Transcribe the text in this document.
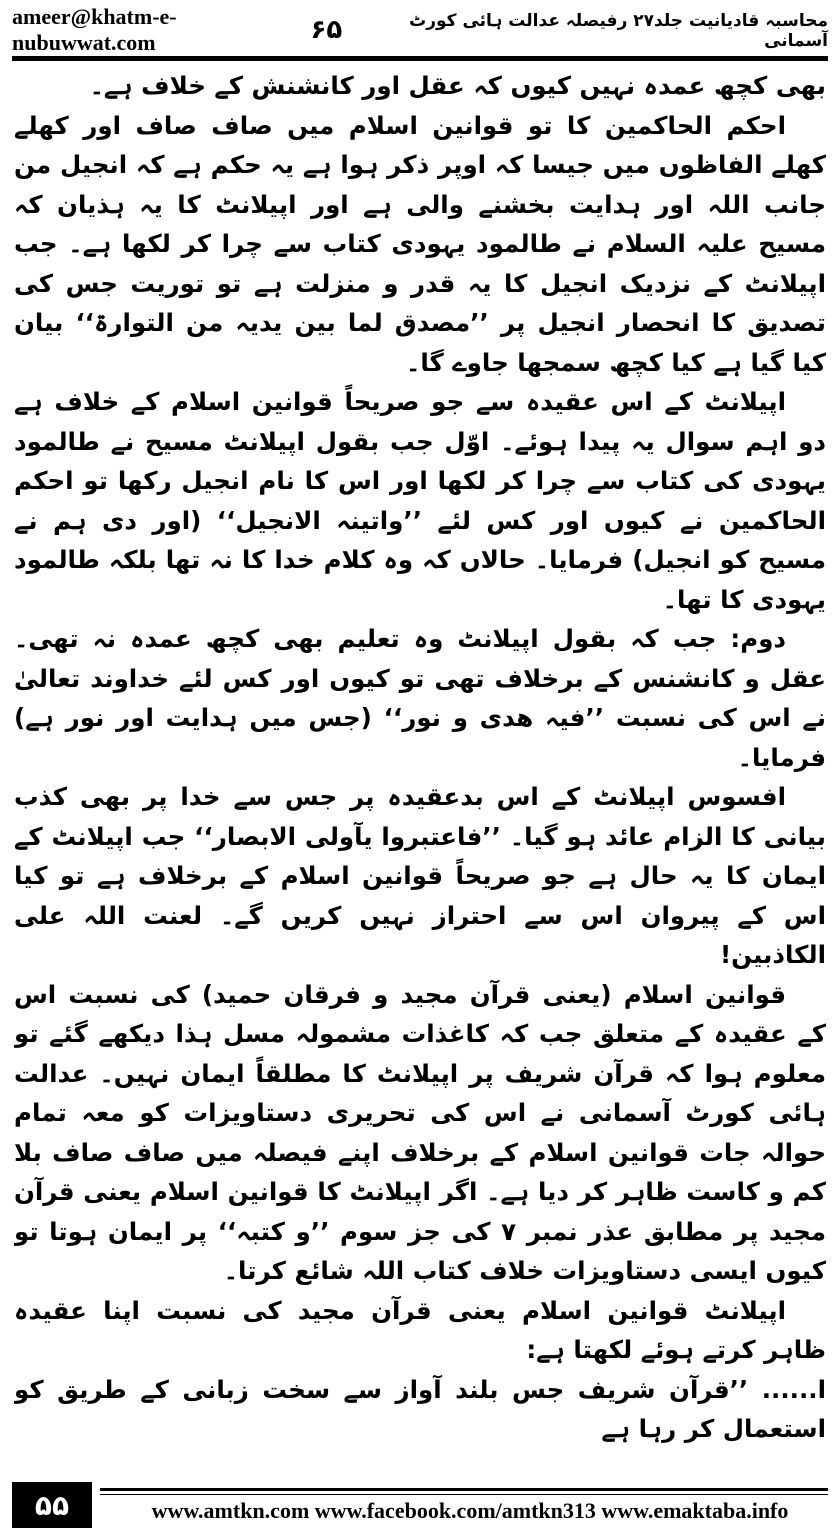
ameer@khatm-e-nubuwwat.com
محاسبہ قادیانیت جلد۲۷ رفیصلہ عدالت ہائی کورٹ آسمانی
۶۵

بھی کچھ عمدہ نہیں کیوں کہ عقل اور کانشنش کے خلاف ہے۔

احکم الحاکمین کا تو قوانین اسلام میں صاف صاف اور کھلے کھلے الفاظوں میں جیسا کہ اوپر ذکر ہوا ہے یہ حکم ہے کہ انجیل من جانب اللہ اور ہدایت بخشنے والی ہے اور اپیلانٹ کا یہ ہذیان کہ مسیح علیہ السلام نے طالمود یہودی کتاب سے چرا کر لکھا ہے۔ جب اپیلانٹ کے نزدیک انجیل کا یہ قدر و منزلت ہے تو توریت جس کی تصدیق کا انحصار انجیل پر ’’مصدق لما بین یدیہ من التوارۃ‘‘ بیان کیا گیا ہے کیا کچھ سمجھا جاوے گا۔

اپیلانٹ کے اس عقیدہ سے جو صریحاً قوانین اسلام کے خلاف ہے دو اہم سوال یہ پیدا ہوئے۔ اوّل جب بقول اپیلانٹ مسیح نے طالمود یہودی کی کتاب سے چرا کر لکھا اور اس کا نام انجیل رکھا تو احکم الحاکمین نے کیوں اور کس لئے ’’واتینہ الانجیل‘‘ (اور دی ہم نے مسیح کو انجیل) فرمایا۔ حالاں کہ وہ کلام خدا کا نہ تھا بلکہ طالمود یہودی کا تھا۔

دوم: جب کہ بقول اپیلانٹ وہ تعلیم بھی کچھ عمدہ نہ تھی۔ عقل و کانشنس کے برخلاف تھی تو کیوں اور کس لئے خداوند تعالیٰ نے اس کی نسبت ’’فیہ ھدی و نور‘‘ (جس میں ہدایت اور نور ہے) فرمایا۔

افسوس اپیلانٹ کے اس بدعقیدہ پر جس سے خدا پر بھی کذب بیانی کا الزام عائد ہو گیا۔ ’’فاعتبروا یآولی الابصار‘‘ جب اپیلانٹ کے ایمان کا یہ حال ہے جو صریحاً قوانین اسلام کے برخلاف ہے تو کیا اس کے پیروان اس سے احتراز نہیں کریں گے۔ لعنت اللہ علی الکاذبین!

قوانین اسلام (یعنی قرآن مجید و فرقان حمید) کی نسبت اس کے عقیدہ کے متعلق جب کہ کاغذات مشمولہ مسل ہذا دیکھے گئے تو معلوم ہوا کہ قرآن شریف پر اپیلانٹ کا مطلقاً ایمان نہیں۔ عدالت ہائی کورٹ آسمانی نے اس کی تحریری دستاویزات کو معہ تمام حوالہ جات قوانین اسلام کے برخلاف اپنے فیصلہ میں صاف صاف بلا کم و کاست ظاہر کر دیا ہے۔ اگر اپیلانٹ کا قوانین اسلام یعنی قرآن مجید پر مطابق عذر نمبر ۷ کی جز سوم ’’و کتبہ‘‘ پر ایمان ہوتا تو کیوں ایسی دستاویزات خلاف کتاب اللہ شائع کرتا۔

اپیلانٹ قوانین اسلام یعنی قرآن مجید کی نسبت اپنا عقیدہ ظاہر کرتے ہوئے لکھتا ہے:

ا...... ’’قرآن شریف جس بلند آواز سے سخت زبانی کے طریق کو استعمال کر رہا ہے

۵۵	www.amtkn.com www.facebook.com/amtkn313 www.emaktaba.info
